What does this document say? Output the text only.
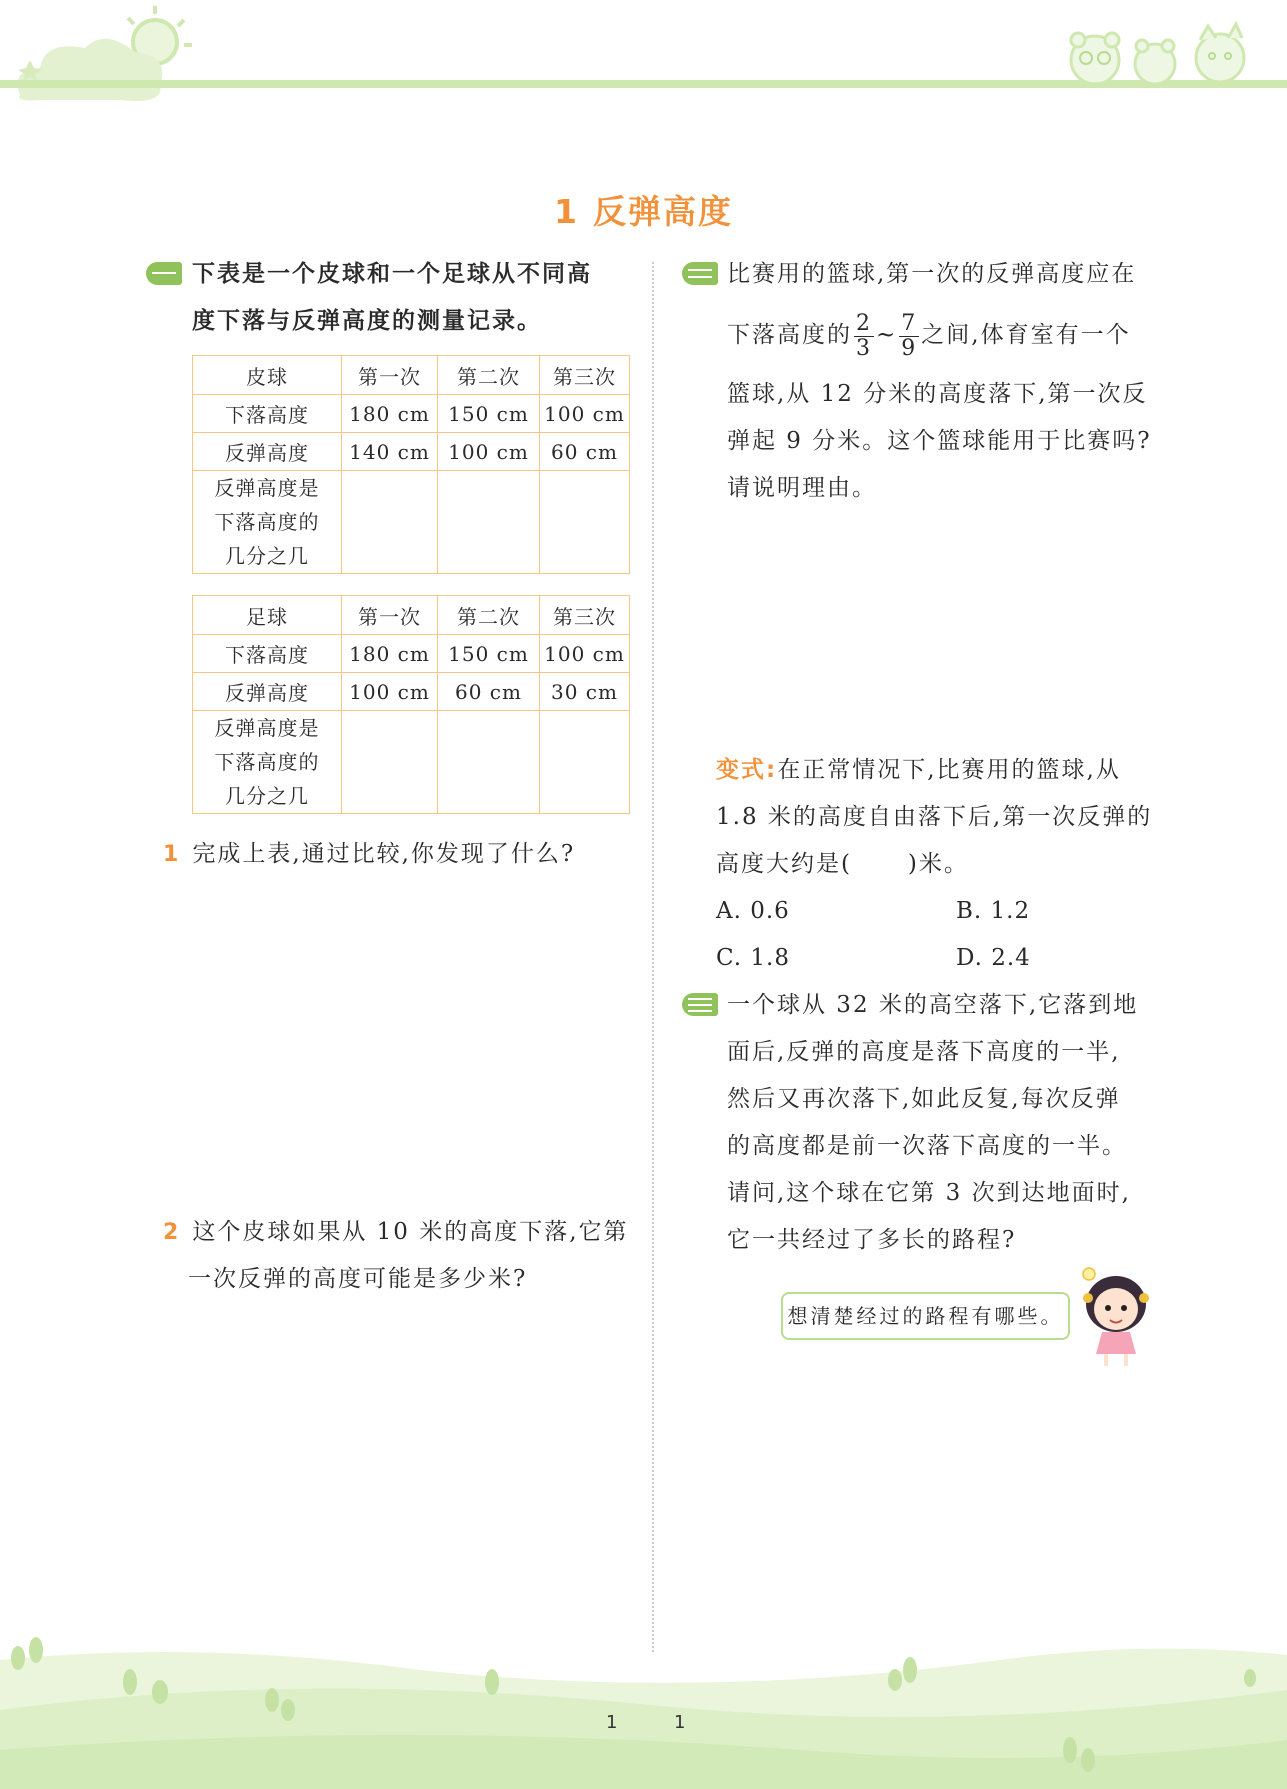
1 反弹高度
下表是一个皮球和一个足球从不同高
度下落与反弹高度的测量记录。
皮球	第一次	第二次	第三次
下落高度	180 cm	150 cm	100 cm
反弹高度	140 cm	100 cm	60 cm

反弹高度是
下落高度的
几分之几			

足球	第一次	第二次	第三次
下落高度	180 cm	150 cm	100 cm
反弹高度	100 cm	60 cm	30 cm

反弹高度是
下落高度的
几分之几			

1 完成上表,通过比较,你发现了什么?
2 这个皮球如果从 10 米的高度下落,它第
一次反弹的高度可能是多少米?
比赛用的篮球,第一次的反弹高度应在
下落高度的 $\frac{2}{3}$ ~ $\frac{7}{9}$ 之间,体育室有一个
篮球,从 12 分米的高度落下,第一次反
弹起 9 分米。这个篮球能用于比赛吗?
请说明理由。
变式:在正常情况下,比赛用的篮球,从
1.8 米的高度自由落下后,第一次反弹的
高度大约是(      )米。
A. 0.6	B. 1.2
C. 1.8	D. 2.4
一个球从 32 米的高空落下,它落到地
面后,反弹的高度是落下高度的一半,
然后又再次落下,如此反复,每次反弹
的高度都是前一次落下高度的一半。
请问,这个球在它第 3 次到达地面时,
它一共经过了多长的路程?
想清楚经过的路程有哪些。
1	1
